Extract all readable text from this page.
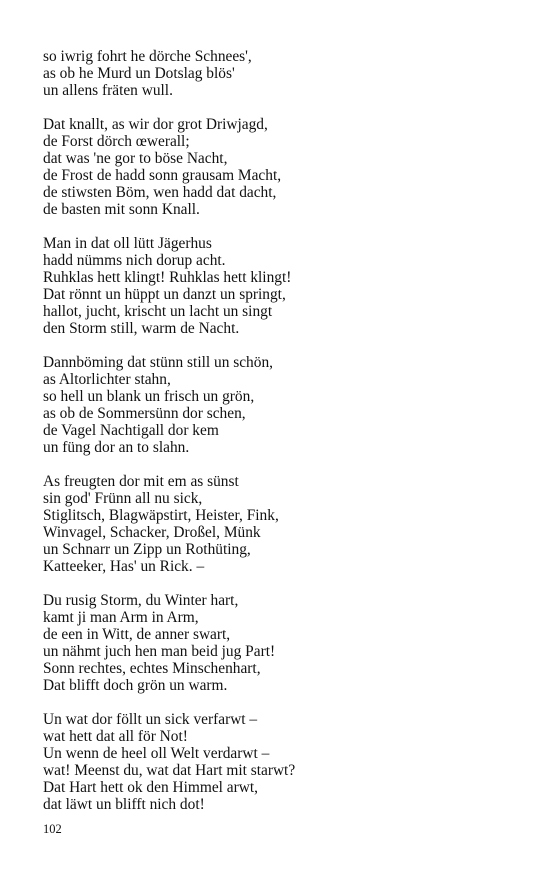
so iwrig fohrt he dörche Schnees',
as ob he Murd un Dotslag blös'
un allens fräten wull.
Dat knallt, as wir dor grot Driwjagd,
de Forst dörch œwerall;
dat was 'ne gor to böse Nacht,
de Frost de hadd sonn grausam Macht,
de stiwsten Böm, wen hadd dat dacht,
de basten mit sonn Knall.
Man in dat oll lütt Jägerhus
hadd nümms nich dorup acht.
Ruhklas hett klingt! Ruhklas hett klingt!
Dat rönnt un hüppt un danzt un springt,
hallot, jucht, krischt un lacht un singt
den Storm still, warm de Nacht.
Dannböming dat stünn still un schön,
as Altorlichter stahn,
so hell un blank un frisch un grön,
as ob de Sommersünn dor schen,
de Vagel Nachtigall dor kem
un füng dor an to slahn.
As freugten dor mit em as sünst
sin god' Frünn all nu sick,
Stiglitsch, Blagwäpstirt, Heister, Fink,
Winvagel, Schacker, Droßel, Münk
un Schnarr un Zipp un Rothüting,
Katteeker, Has' un Rick. –
Du rusig Storm, du Winter hart,
kamt ji man Arm in Arm,
de een in Witt, de anner swart,
un nähmt juch hen man beid jug Part!
Sonn rechtes, echtes Minschenhart,
Dat blifft doch grön un warm.
Un wat dor föllt un sick verfarwt –
wat hett dat all för Not!
Un wenn de heel oll Welt verdarwt –
wat! Meenst du, wat dat Hart mit starwt?
Dat Hart hett ok den Himmel arwt,
dat läwt un blifft nich dot!
102
